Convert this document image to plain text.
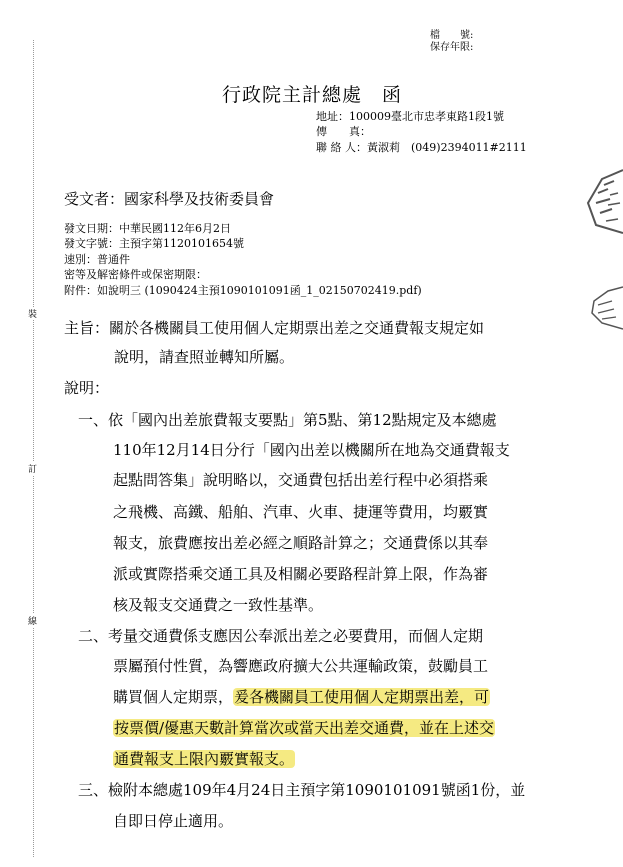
檔　　號:
保存年限:
行政院主計總處　函
地址：100009臺北市忠孝東路1段1號
傳　　真：
聯 絡 人：黃淑莉　(049)2394011#2111
裝
訂
線
受文者：國家科學及技術委員會
發文日期：中華民國112年6月2日
發文字號：主預字第1120101654號
速別：普通件
密等及解密條件或保密期限：
附件：如說明三 (1090424主預1090101091函_1_02150702419.pdf)
主旨：關於各機關員工使用個人定期票出差之交通費報支規定如
說明，請查照並轉知所屬。
說明：
一、依「國內出差旅費報支要點」第5點、第12點規定及本總處
110年12月14日分行「國內出差以機關所在地為交通費報支
起點問答集」說明略以，交通費包括出差行程中必須搭乘
之飛機、高鐵、船舶、汽車、火車、捷運等費用，均覈實
報支，旅費應按出差必經之順路計算之；交通費係以其奉
派或實際搭乘交通工具及相關必要路程計算上限，作為審
核及報支交通費之一致性基準。
二、考量交通費係支應因公奉派出差之必要費用，而個人定期
票屬預付性質，為響應政府擴大公共運輸政策，鼓勵員工
購買個人定期票，爰各機關員工使用個人定期票出差，可
按票價/優惠天數計算當次或當天出差交通費，並在上述交
通費報支上限內覈實報支。
三、檢附本總處109年4月24日主預字第1090101091號函1份，並
自即日停止適用。
